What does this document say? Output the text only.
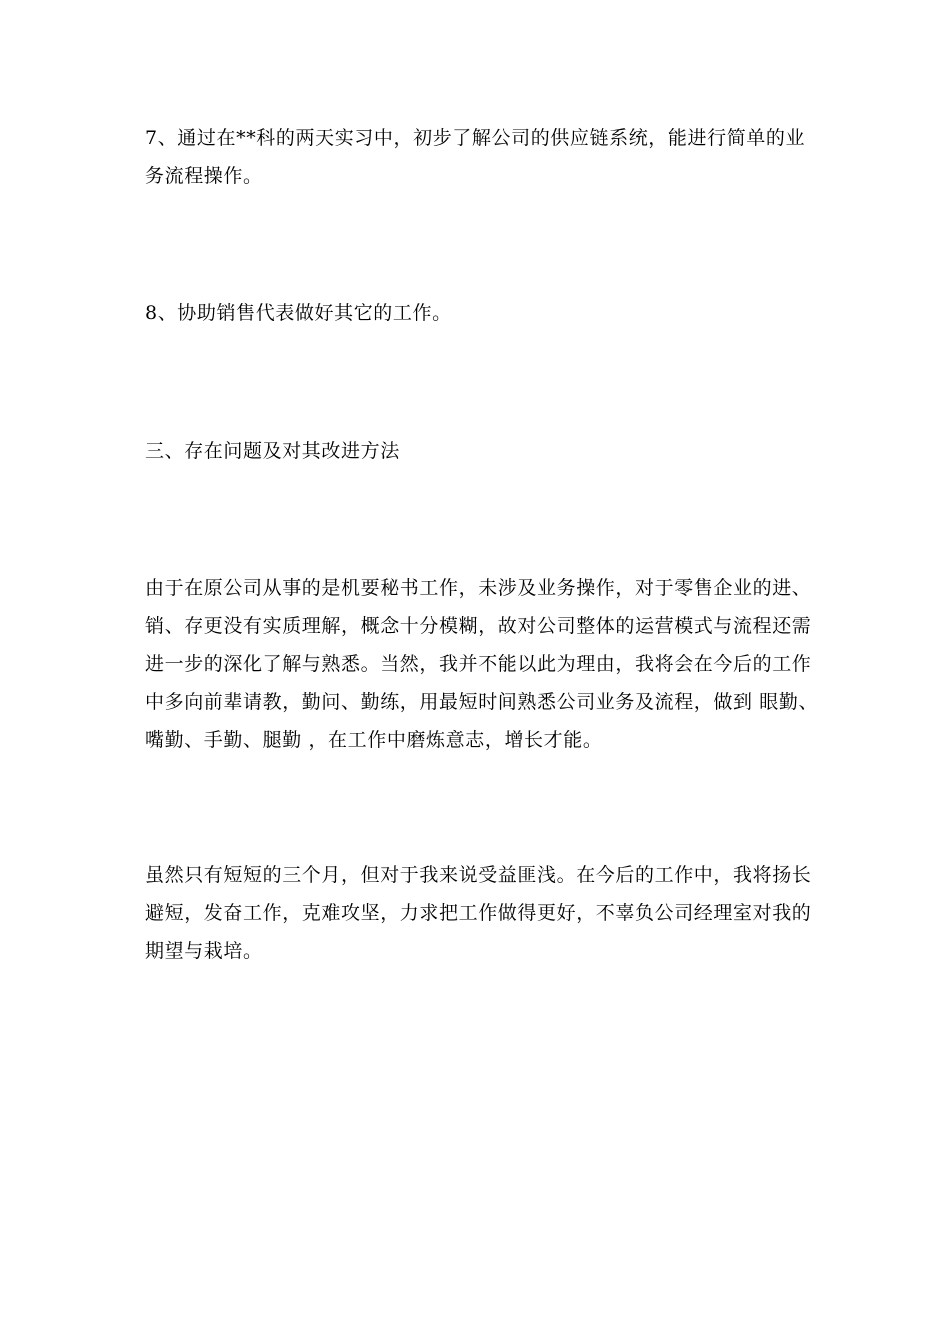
7、通过在**科的两天实习中，初步了解公司的供应链系统，能进行简单的业

务流程操作。

8、协助销售代表做好其它的工作。

三、存在问题及对其改进方法

由于在原公司从事的是机要秘书工作，未涉及业务操作，对于零售企业的进、

销、存更没有实质理解，概念十分模糊，故对公司整体的运营模式与流程还需

进一步的深化了解与熟悉。当然，我并不能以此为理由，我将会在今后的工作

中多向前辈请教，勤问、勤练，用最短时间熟悉公司业务及流程，做到 眼勤、

嘴勤、手勤、腿勤 ，在工作中磨炼意志，增长才能。

虽然只有短短的三个月，但对于我来说受益匪浅。在今后的工作中，我将扬长

避短，发奋工作，克难攻坚，力求把工作做得更好，不辜负公司经理室对我的

期望与栽培。
